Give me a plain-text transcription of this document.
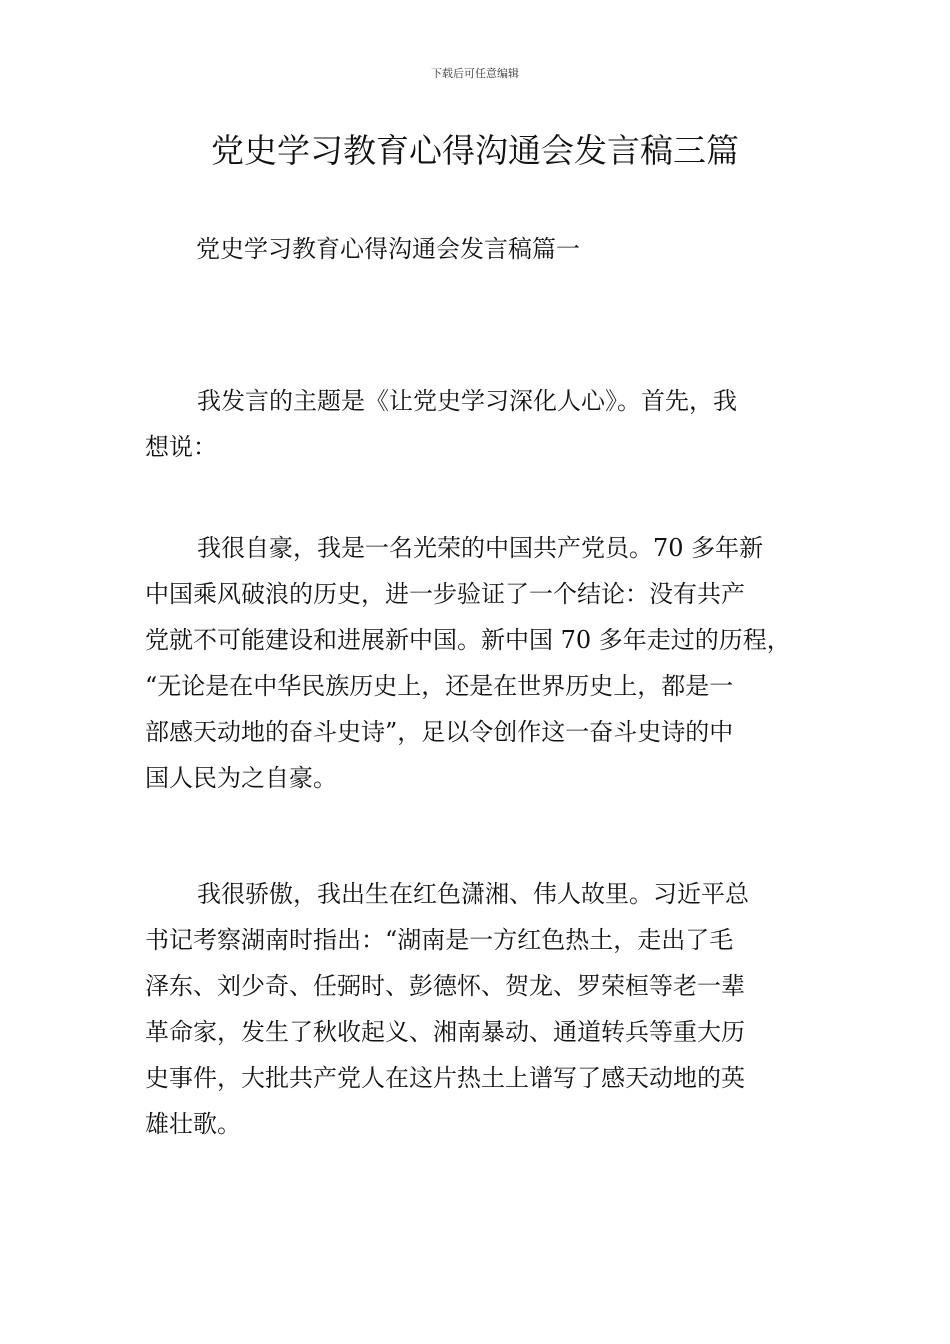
下载后可任意编辑
党史学习教育心得沟通会发言稿三篇

党史学习教育心得沟通会发言稿篇一

我发言的主题是《让党史学习深化人心》。首先，我
想说：
我很自豪，我是一名光荣的中国共产党员。70 多年新
中国乘风破浪的历史，进一步验证了一个结论：没有共产
党就不可能建设和进展新中国。新中国 70 多年走过的历程，
“无论是在中华民族历史上，还是在世界历史上，都是一
部感天动地的奋斗史诗”，足以令创作这一奋斗史诗的中
国人民为之自豪。
我很骄傲，我出生在红色潇湘、伟人故里。习近平总
书记考察湖南时指出：“湖南是一方红色热土，走出了毛
泽东、刘少奇、任弼时、彭德怀、贺龙、罗荣桓等老一辈
革命家，发生了秋收起义、湘南暴动、通道转兵等重大历
史事件，大批共产党人在这片热土上谱写了感天动地的英
雄壮歌。
